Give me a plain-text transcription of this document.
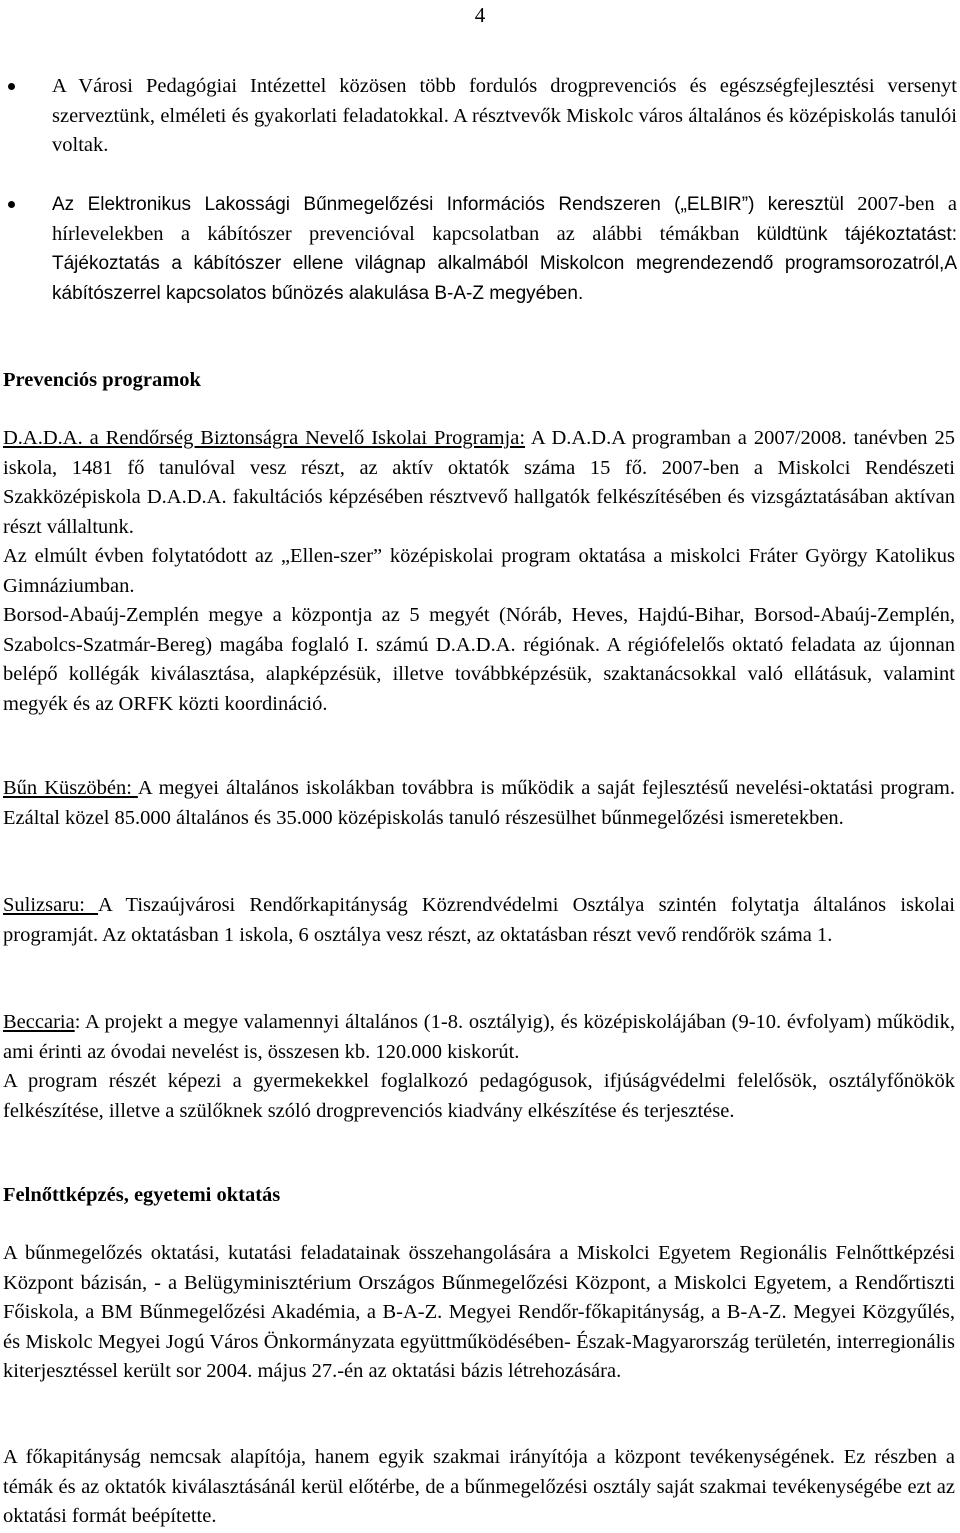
4

A Városi Pedagógiai Intézettel közösen több fordulós drogprevenciós és egészségfejlesztési versenyt szerveztünk, elméleti és gyakorlati feladatokkal. A résztvevők Miskolc város általános és középiskolás tanulói voltak.

Az Elektronikus Lakossági Bűnmegelőzési Információs Rendszeren („ELBIR”) keresztül 2007-ben a hírlevelekben a kábítószer prevencióval kapcsolatban az alábbi témákban küldtünk tájékoztatást: Tájékoztatás a kábítószer ellene világnap alkalmából Miskolcon megrendezendő programsorozatról,A kábítószerrel kapcsolatos bűnözés alakulása B-A-Z megyében.

Prevenciós programok

D.A.D.A. a Rendőrség Biztonságra Nevelő Iskolai Programja: A D.A.D.A programban a 2007/2008. tanévben 25 iskola, 1481 fő tanulóval vesz részt, az aktív oktatók száma 15 fő. 2007-ben a Miskolci Rendészeti Szakközépiskola D.A.D.A. fakultációs képzésében résztvevő hallgatók felkészítésében és vizsgáztatásában aktívan részt vállaltunk.

Az elmúlt évben folytatódott az „Ellen-szer” középiskolai program oktatása a miskolci Fráter György Katolikus Gimnáziumban.

Borsod-Abaúj-Zemplén megye a központja az 5 megyét (Nóráb, Heves, Hajdú-Bihar, Borsod-Abaúj-Zemplén, Szabolcs-Szatmár-Bereg) magába foglaló I. számú D.A.D.A. régiónak. A régiófelelős oktató feladata az újonnan belépő kollégák kiválasztása, alapképzésük, illetve továbbképzésük, szaktanácsokkal való ellátásuk, valamint megyék és az ORFK közti koordináció.

Bűn Küszöbén: A megyei általános iskolákban továbbra is működik a saját fejlesztésű nevelési-oktatási program. Ezáltal közel 85.000 általános és 35.000 középiskolás tanuló részesülhet bűnmegelőzési ismeretekben.

Sulizsaru: A Tiszaújvárosi Rendőrkapitányság Közrendvédelmi Osztálya szintén folytatja általános iskolai programját. Az oktatásban 1 iskola, 6 osztálya vesz részt, az oktatásban részt vevő rendőrök száma 1.

Beccaria: A projekt a megye valamennyi általános (1-8. osztályig), és középiskolájában (9-10. évfolyam) működik, ami érinti az óvodai nevelést is, összesen kb. 120.000 kiskorút.

A program részét képezi a gyermekekkel foglalkozó pedagógusok, ifjúságvédelmi felelősök, osztályfőnökök felkészítése, illetve a szülőknek szóló drogprevenciós kiadvány elkészítése és terjesztése.

Felnőttképzés, egyetemi oktatás

A bűnmegelőzés oktatási, kutatási feladatainak összehangolására a Miskolci Egyetem Regionális Felnőttképzési Központ bázisán, - a Belügyminisztérium Országos Bűnmegelőzési Központ, a Miskolci Egyetem, a Rendőrtiszti Főiskola, a BM Bűnmegelőzési Akadémia, a B-A-Z. Megyei Rendőr-főkapitányság, a B-A-Z. Megyei Közgyűlés, és Miskolc Megyei Jogú Város Önkormányzata együttműködésében- Észak-Magyarország területén, interregionális kiterjesztéssel került sor 2004. május 27.-én az oktatási bázis létrehozására.

A főkapitányság nemcsak alapítója, hanem egyik szakmai irányítója a központ tevékenységének. Ez részben a témák és az oktatók kiválasztásánál kerül előtérbe, de a bűnmegelőzési osztály saját szakmai tevékenységébe ezt az oktatási formát beépítette.
